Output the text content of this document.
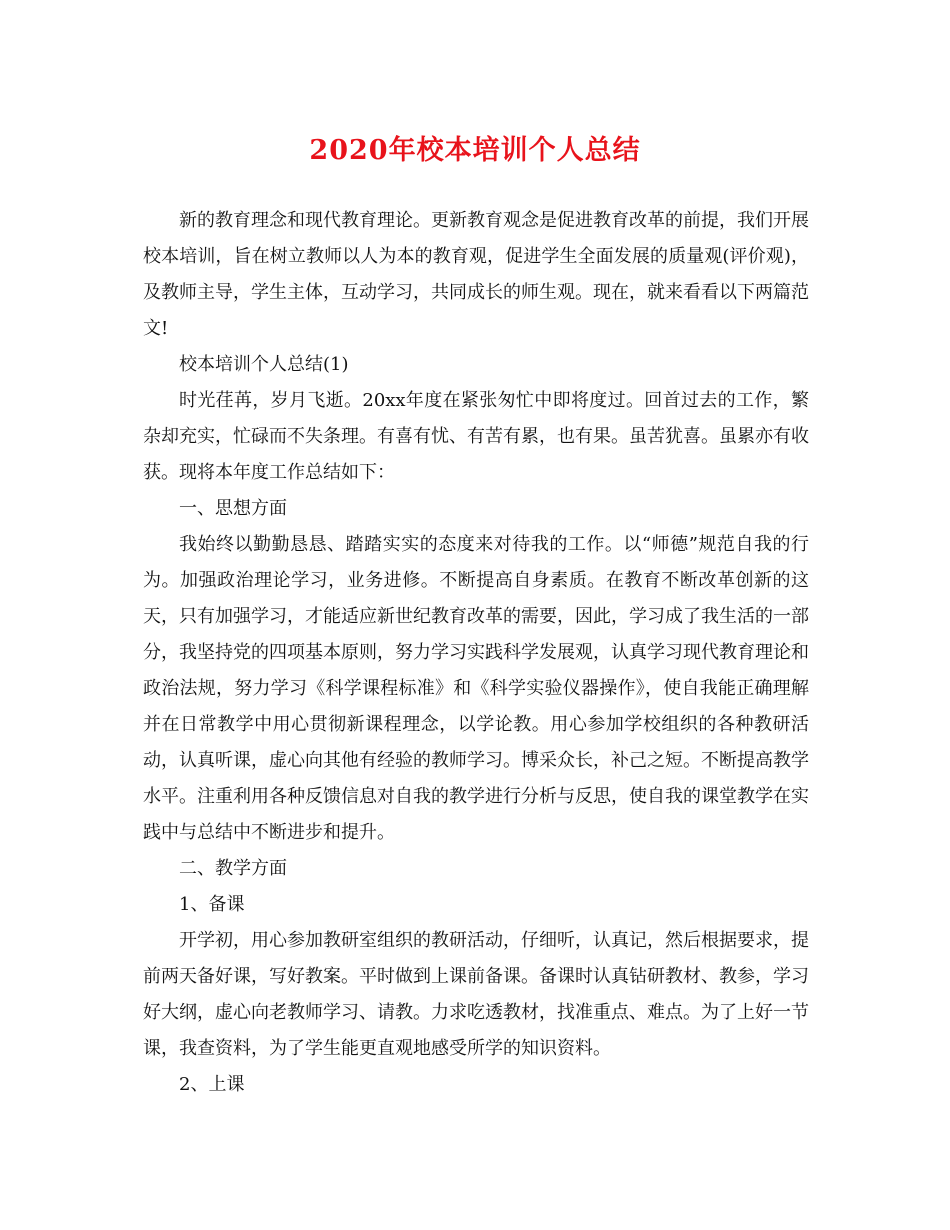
2020年校本培训个人总结

新的教育理念和现代教育理论。更新教育观念是促进教育改革的前提，我们开展校本培训，旨在树立教师以人为本的教育观，促进学生全面发展的质量观(评价观)，及教师主导，学生主体，互动学习，共同成长的师生观。现在，就来看看以下两篇范文!

校本培训个人总结(1)

时光荏苒，岁月飞逝。20xx年度在紧张匆忙中即将度过。回首过去的工作，繁杂却充实，忙碌而不失条理。有喜有忧、有苦有累，也有果。虽苦犹喜。虽累亦有收获。现将本年度工作总结如下：

一、思想方面

我始终以勤勤恳恳、踏踏实实的态度来对待我的工作。以“师德”规范自我的行为。加强政治理论学习，业务进修。不断提高自身素质。在教育不断改革创新的这天，只有加强学习，才能适应新世纪教育改革的需要，因此，学习成了我生活的一部分，我坚持党的四项基本原则，努力学习实践科学发展观，认真学习现代教育理论和政治法规，努力学习《科学课程标准》和《科学实验仪器操作》，使自我能正确理解并在日常教学中用心贯彻新课程理念，以学论教。用心参加学校组织的各种教研活动，认真听课，虚心向其他有经验的教师学习。博采众长，补己之短。不断提高教学水平。注重利用各种反馈信息对自我的教学进行分析与反思，使自我的课堂教学在实践中与总结中不断进步和提升。

二、教学方面

1、备课

开学初，用心参加教研室组织的教研活动，仔细听，认真记，然后根据要求，提前两天备好课，写好教案。平时做到上课前备课。备课时认真钻研教材、教参，学习好大纲，虚心向老教师学习、请教。力求吃透教材，找准重点、难点。为了上好一节课，我查资料，为了学生能更直观地感受所学的知识资料。

2、上课
